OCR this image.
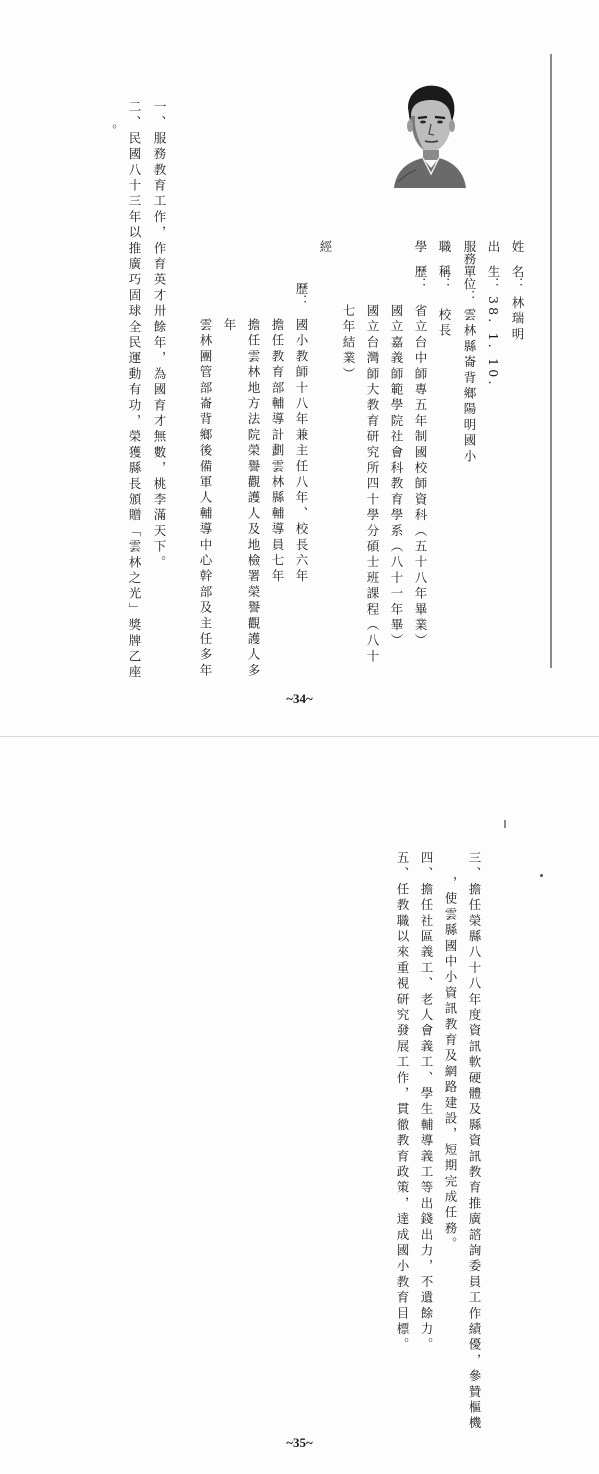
姓　名：
林瑞明
出　生：
38. 1. 10.
服務單位：
雲林縣崙背鄉陽明國小
職　稱：
校長
學　歷：
省立台中師專五年制國校師資科（五十八年畢業）
國立嘉義師範學院社會科教育學系（八十一年畢）
國立台灣師大教育研究所四十學分碩士班課程（八十
七年結業）
經
歷：
國小教師十八年兼主任八年、校長六年
擔任教育部輔導計劃雲林縣輔導員七年
擔任雲林地方法院榮譽觀護人及地檢署榮譽觀護人多
年
雲林團管部崙背鄉後備軍人輔導中心幹部及主任多年
一、服務教育工作，作育英才卅餘年，為國育才無數，桃李滿天下。
二、民國八十三年以推廣巧固球全民運動有功，榮獲縣長頒贈「雲林之光」獎牌乙座
。
~34~
三、擔任榮縣八十八年度資訊軟硬體及縣資訊教育推廣諮詢委員工作績優，參贊樞機
，使雲縣國中小資訊教育及網路建設，短期完成任務。
四、擔任社區義工、老人會義工、學生輔導義工等出錢出力，不遺餘力。
五、任教職以來重視研究發展工作，貫徹教育政策，達成國小教育目標。
~35~
